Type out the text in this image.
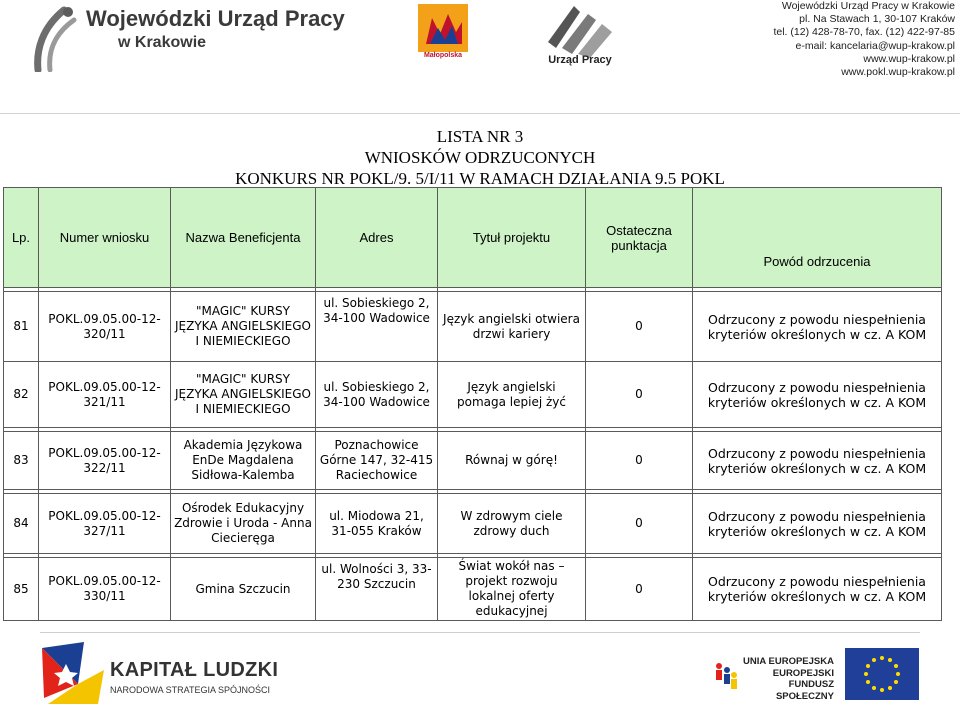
Wojewódzki Urząd Pracy
w Krakowie
Małopolska	Urząd Pracy
Wojewódzki Urząd Pracy w Krakowie
pl. Na Stawach 1, 30-107 Kraków
tel. (12) 428-78-70, fax. (12) 422-97-85
e-mail: kancelaria@wup-krakow.pl
www.wup-krakow.pl
www.pokl.wup-krakow.pl
LISTA NR 3
WNIOSKÓW ODRZUCONYCH
KONKURS NR POKL/9. 5/I/11 W RAMACH DZIAŁANIA 9.5 POKL
Lp.	Numer wniosku	Nazwa Beneficjenta	Adres	Tytuł projektu	Ostateczna punktacja	Powód odrzucenia

81	POKL.09.05.00-12-320/11	"MAGIC" KURSY JĘZYKA ANGIELSKIEGO I NIEMIECKIEGO	ul. Sobieskiego 2, 34-100 Wadowice	Język angielski otwiera drzwi kariery	0	Odrzucony z powodu niespełnienia kryteriów określonych w cz. A KOM
82	POKL.09.05.00-12-321/11	"MAGIC" KURSY JĘZYKA ANGIELSKIEGO I NIEMIECKIEGO	ul. Sobieskiego 2, 34-100 Wadowice	Język angielski pomaga lepiej żyć	0	Odrzucony z powodu niespełnienia kryteriów określonych w cz. A KOM

83	POKL.09.05.00-12-322/11	Akademia Językowa EnDe Magdalena Sidłowa-Kalemba	Poznachowice Górne 147, 32-415 Raciechowice	Równaj w górę!	0	Odrzucony z powodu niespełnienia kryteriów określonych w cz. A KOM

84	POKL.09.05.00-12-327/11	Ośrodek Edukacyjny Zdrowie i Uroda - Anna Ciecieręga	ul. Miodowa 21, 31-055 Kraków	W zdrowym ciele zdrowy duch	0	Odrzucony z powodu niespełnienia kryteriów określonych w cz. A KOM

85	POKL.09.05.00-12-330/11	Gmina Szczucin	ul. Wolności 3, 33-230 Szczucin	Świat wokół nas – projekt rozwoju lokalnej oferty edukacyjnej	0	Odrzucony z powodu niespełnienia kryteriów określonych w cz. A KOM
KAPITAŁ LUDZKI
NARODOWA STRATEGIA SPÓJNOŚCI
UNIA EUROPEJSKA
EUROPEJSKI
FUNDUSZ SPOŁECZNY
